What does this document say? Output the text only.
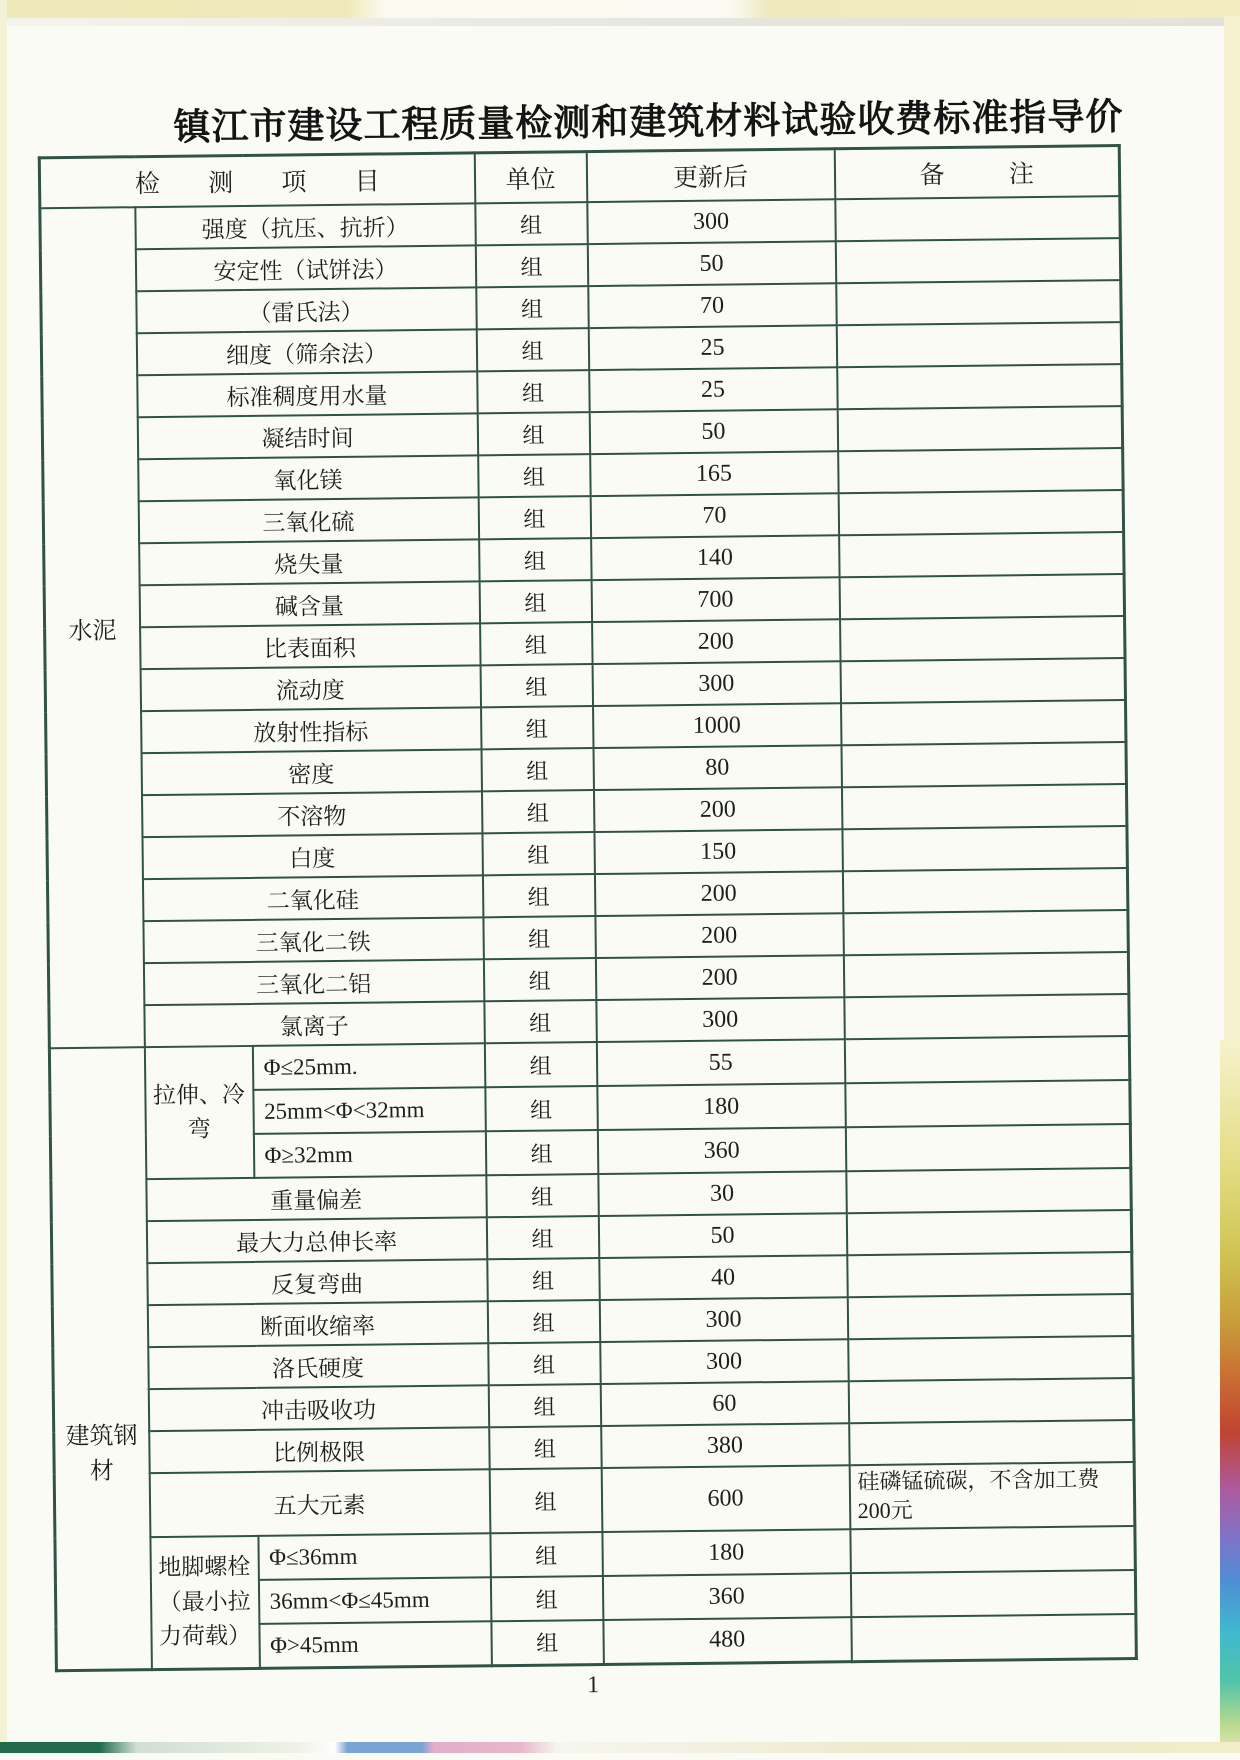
镇江市建设工程质量检测和建筑材料试验收费标准指导价
检 测 项 目			单位	更新后	备 注
水泥	强度（抗压、抗折）		组	300	
	安定性（试饼法）		组	50	
	（雷氏法）		组	70	
	细度（筛余法）		组	25	
	标准稠度用水量		组	25	
	凝结时间		组	50	
	氧化镁		组	165	
	三氧化硫		组	70	
	烧失量		组	140	
	碱含量		组	700	
	比表面积		组	200	
	流动度		组	300	
	放射性指标		组	1000	
	密度		组	80	
	不溶物		组	200	
	白度		组	150	
	二氧化硅		组	200	
	三氧化二铁		组	200	
	三氧化二铝		组	200	
	氯离子		组	300	
建筑钢材	拉伸、冷弯	Φ≤25mm.	组	55	
		25mm<Φ<32mm	组	180	
		Φ≥32mm	组	360	
	重量偏差		组	30	
	最大力总伸长率		组	50	
	反复弯曲		组	40	
	断面收缩率		组	300	
	洛氏硬度		组	300	
	冲击吸收功		组	60	
	比例极限		组	380	
	五大元素		组	600	硅磷锰硫碳，不含加工费200元
	地脚螺栓（最小拉力荷载）	Φ≤36mm	组	180	
		36mm<Φ≤45mm	组	360	
		Φ>45mm	组	480	
1
